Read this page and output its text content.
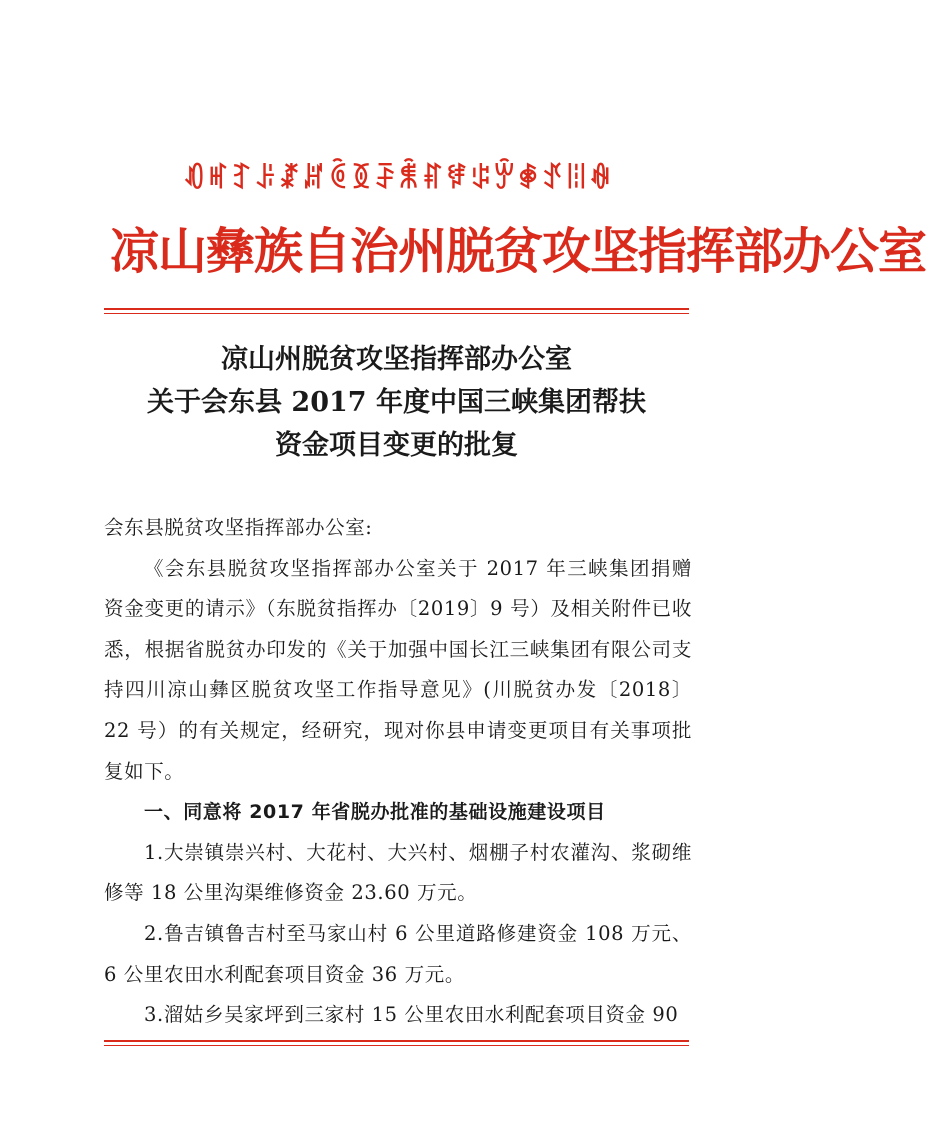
ꀒꎭꆈꌠꊨꏦꏱꅉꄚꐨꐥꇂꌒꏭꑸꀋꈨꊿ
凉山彝族自治州脱贫攻坚指挥部办公室
凉山州脱贫攻坚指挥部办公室
关于会东县 2017 年度中国三峡集团帮扶
资金项目变更的批复

会东县脱贫攻坚指挥部办公室:

《会东县脱贫攻坚指挥部办公室关于 2017 年三峡集团捐赠资金变更的请示》（东脱贫指挥办〔2019〕9 号）及相关附件已收悉，根据省脱贫办印发的《关于加强中国长江三峡集团有限公司支持四川凉山彝区脱贫攻坚工作指导意见》(川脱贫办发〔2018〕22 号）的有关规定，经研究，现对你县申请变更项目有关事项批复如下。

一、同意将 2017 年省脱办批准的基础设施建设项目

1.大崇镇崇兴村、大花村、大兴村、烟棚子村农灌沟、浆砌维修等 18 公里沟渠维修资金 23.60 万元。

2.鲁吉镇鲁吉村至马家山村 6 公里道路修建资金 108 万元、6 公里农田水利配套项目资金 36 万元。

3.溜姑乡吴家坪到三家村 15 公里农田水利配套项目资金 90
